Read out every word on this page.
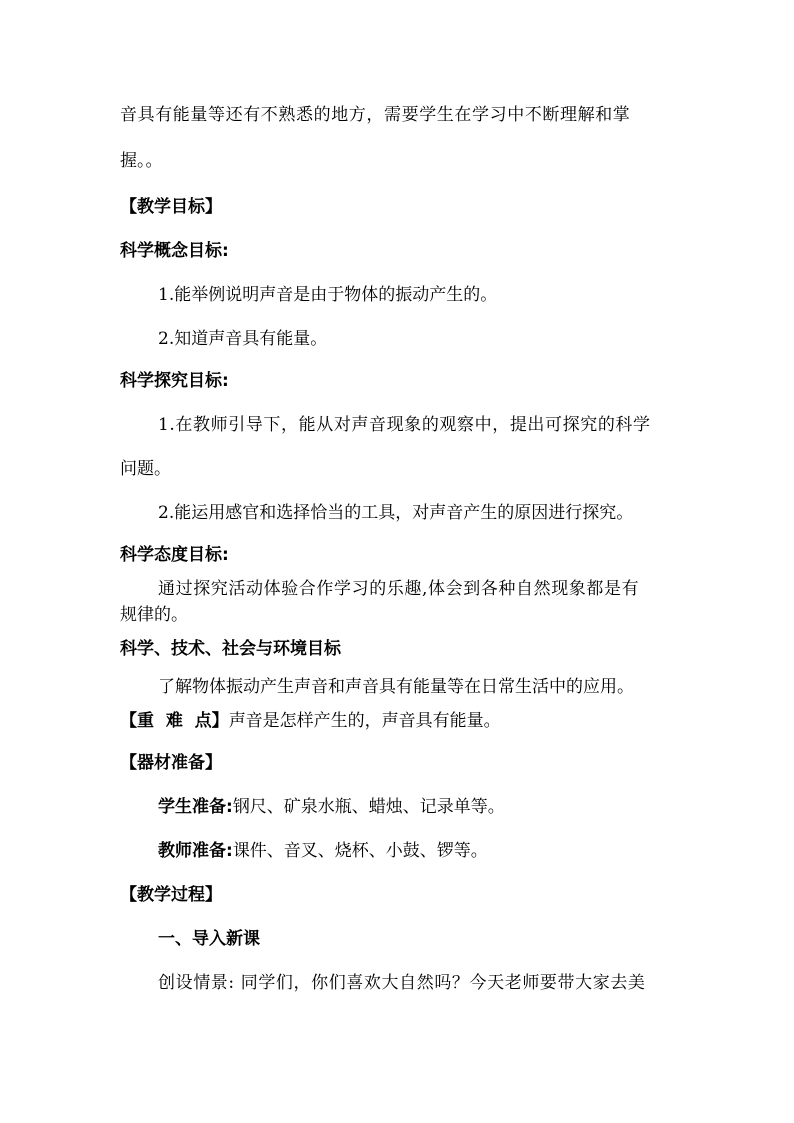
音具有能量等还有不熟悉的地方，需要学生在学习中不断理解和掌
握。。
【教学目标】
科学概念目标:
1.能举例说明声音是由于物体的振动产生的。
2.知道声音具有能量。
科学探究目标:
1.在教师引导下，能从对声音现象的观察中，提出可探究的科学
问题。
2.能运用感官和选择恰当的工具，对声音产生的原因进行探究。
科学态度目标:
通过探究活动体验合作学习的乐趣,体会到各种自然现象都是有
规律的。
科学、技术、社会与环境目标
了解物体振动产生声音和声音具有能量等在日常生活中的应用。
【重  难  点】声音是怎样产生的，声音具有能量。
【器材准备】
学生准备:钢尺、矿泉水瓶、蜡烛、记录单等。
教师准备:课件、音叉、烧杯、小鼓、锣等。
【教学过程】
一、导入新课
创设情景: 同学们，你们喜欢大自然吗？今天老师要带大家去美
